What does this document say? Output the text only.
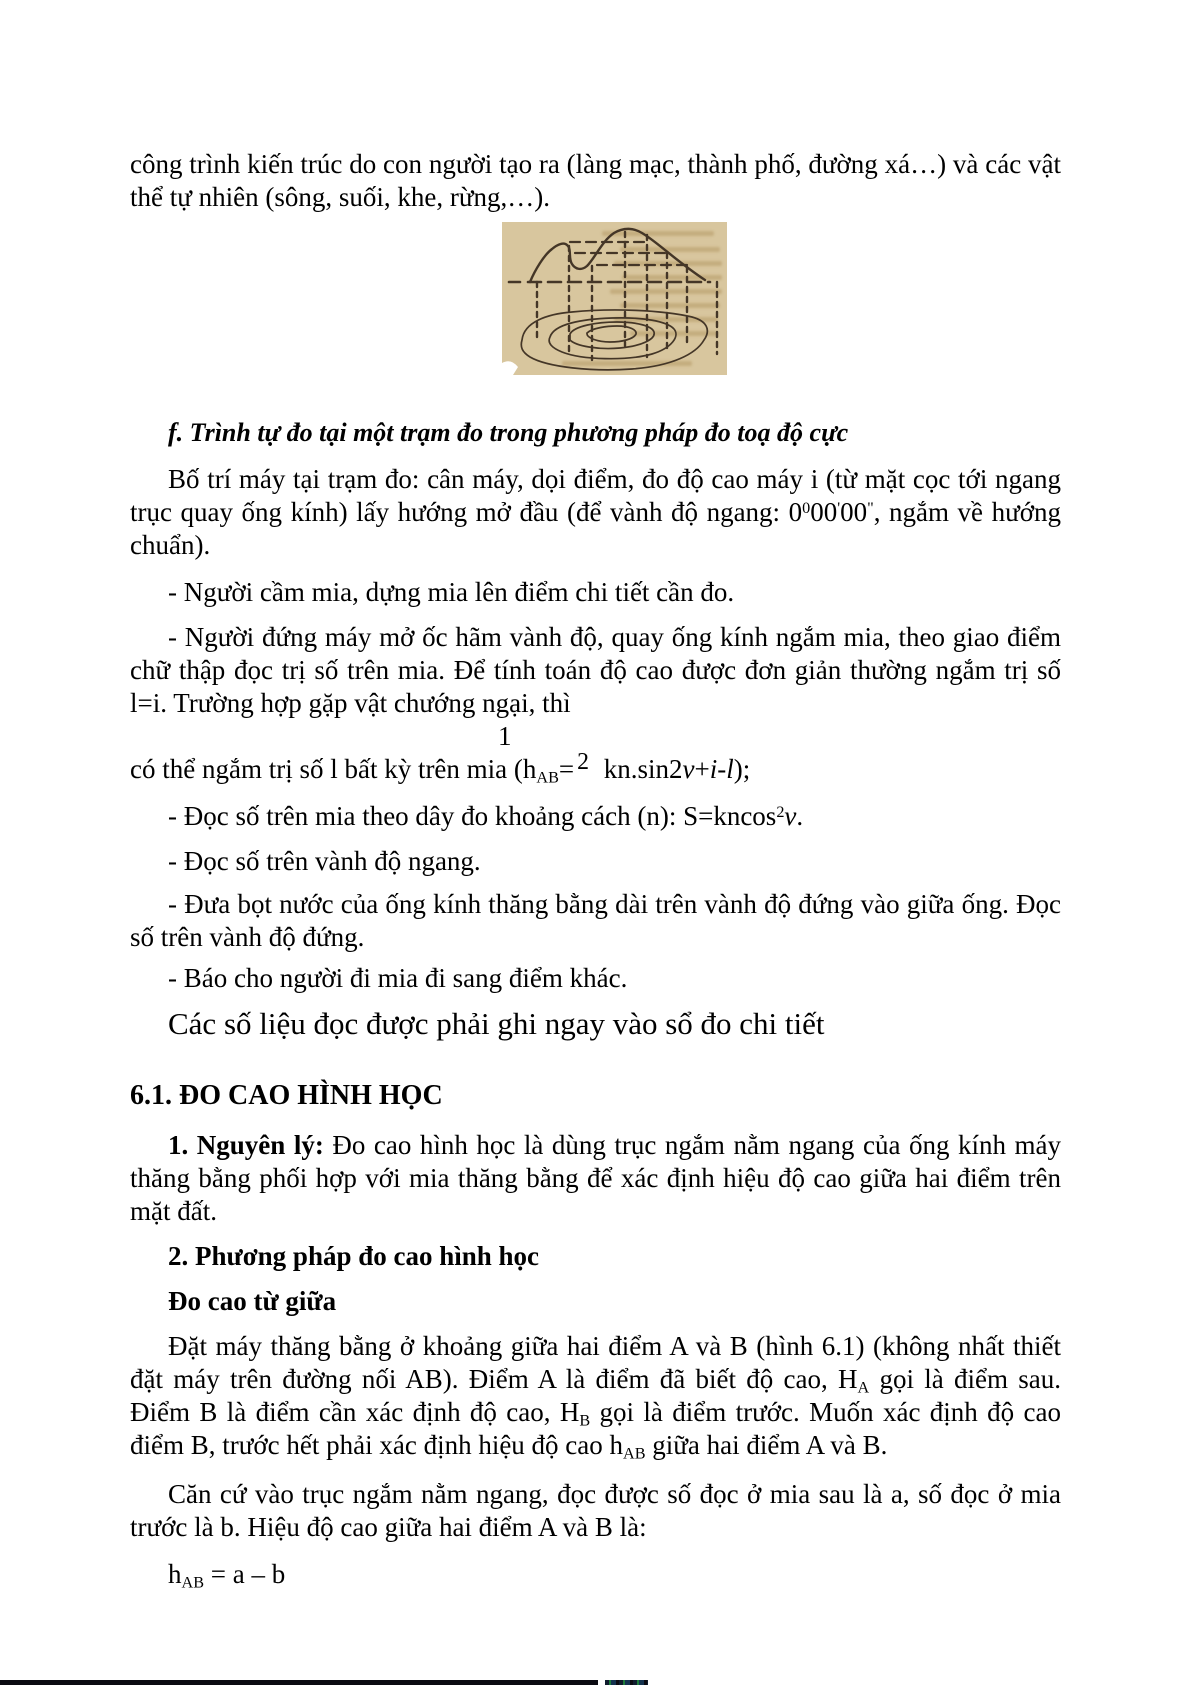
công trình kiến trúc do con người tạo ra (làng mạc, thành phố, đường xá…) và các vật thể tự nhiên (sông, suối, khe, rừng,…).

f. Trình tự đo tại một trạm đo trong phương pháp đo toạ độ cực

Bố trí máy tại trạm đo: cân máy, dọi điểm, đo độ cao máy i (từ mặt cọc tới ngang trục quay ống kính) lấy hướng mở đầu (để vành độ ngang: $0^000'00^"$, ngắm về hướng chuẩn).

- Người cầm mia, dựng mia lên điểm chi tiết cần đo.

- Người đứng máy mở ốc hãm vành độ, quay ống kính ngắm mia, theo giao điểm chữ thập đọc trị số trên mia. Để tính toán độ cao được đơn giản thường ngắm trị số l=i. Trường hợp gặp vật chướng ngại, thì

1

có thể ngắm trị số l bất kỳ trên mia ($h_{AB}= 2$ kn.sin2v+i-l);

- Đọc số trên mia theo dây đo khoảng cách (n): S=kncos$^2$v.

- Đọc số trên vành độ ngang.

- Đưa bọt nước của ống kính thăng bằng dài trên vành độ đứng vào giữa ống. Đọc số trên vành độ đứng.

- Báo cho người đi mia đi sang điểm khác.

Các số liệu đọc được phải ghi ngay vào sổ đo chi tiết

6.1. ĐO CAO HÌNH HỌC

1. Nguyên lý: Đo cao hình học là dùng trục ngắm nằm ngang của ống kính máy thăng bằng phối hợp với mia thăng bằng để xác định hiệu độ cao giữa hai điểm trên mặt đất.

2. Phương pháp đo cao hình học

Đo cao từ giữa

Đặt máy thăng bằng ở khoảng giữa hai điểm A và B (hình 6.1) (không nhất thiết đặt máy trên đường nối AB). Điểm A là điểm đã biết độ cao, $H_A$ gọi là điểm sau. Điểm B là điểm cần xác định độ cao, $H_B$ gọi là điểm trước. Muốn xác định độ cao điểm B, trước hết phải xác định hiệu độ cao $h_{AB}$ giữa hai điểm A và B.

Căn cứ vào trục ngắm nằm ngang, đọc được số đọc ở mia sau là a, số đọc ở mia trước là b. Hiệu độ cao giữa hai điểm A và B là:

$h_{AB} = a - b$
